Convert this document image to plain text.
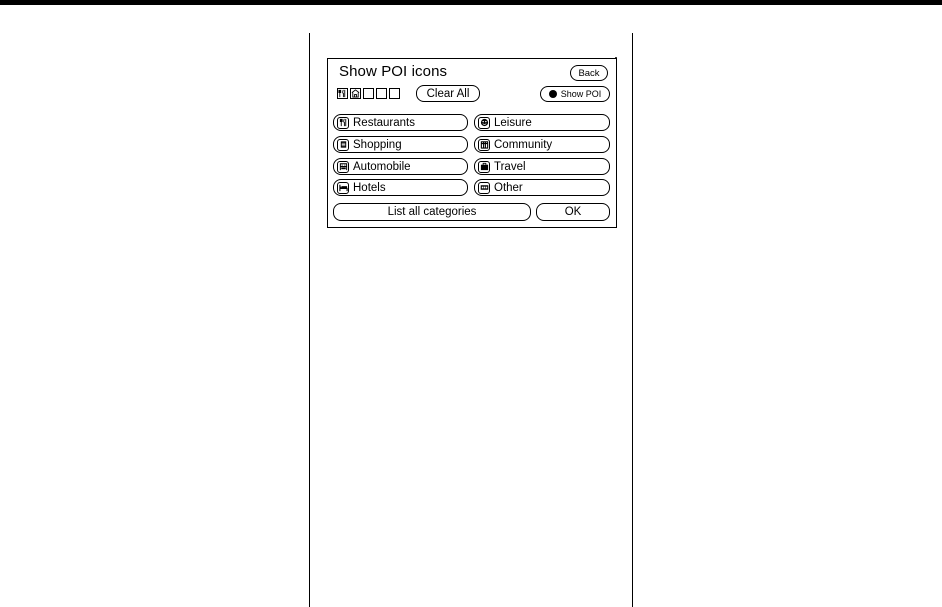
Show POI icons	Back
Clear All	Show POI
Restaurants	Leisure
Shopping	Community
Automobile	Travel
Hotels	Other
List all categories	OK
